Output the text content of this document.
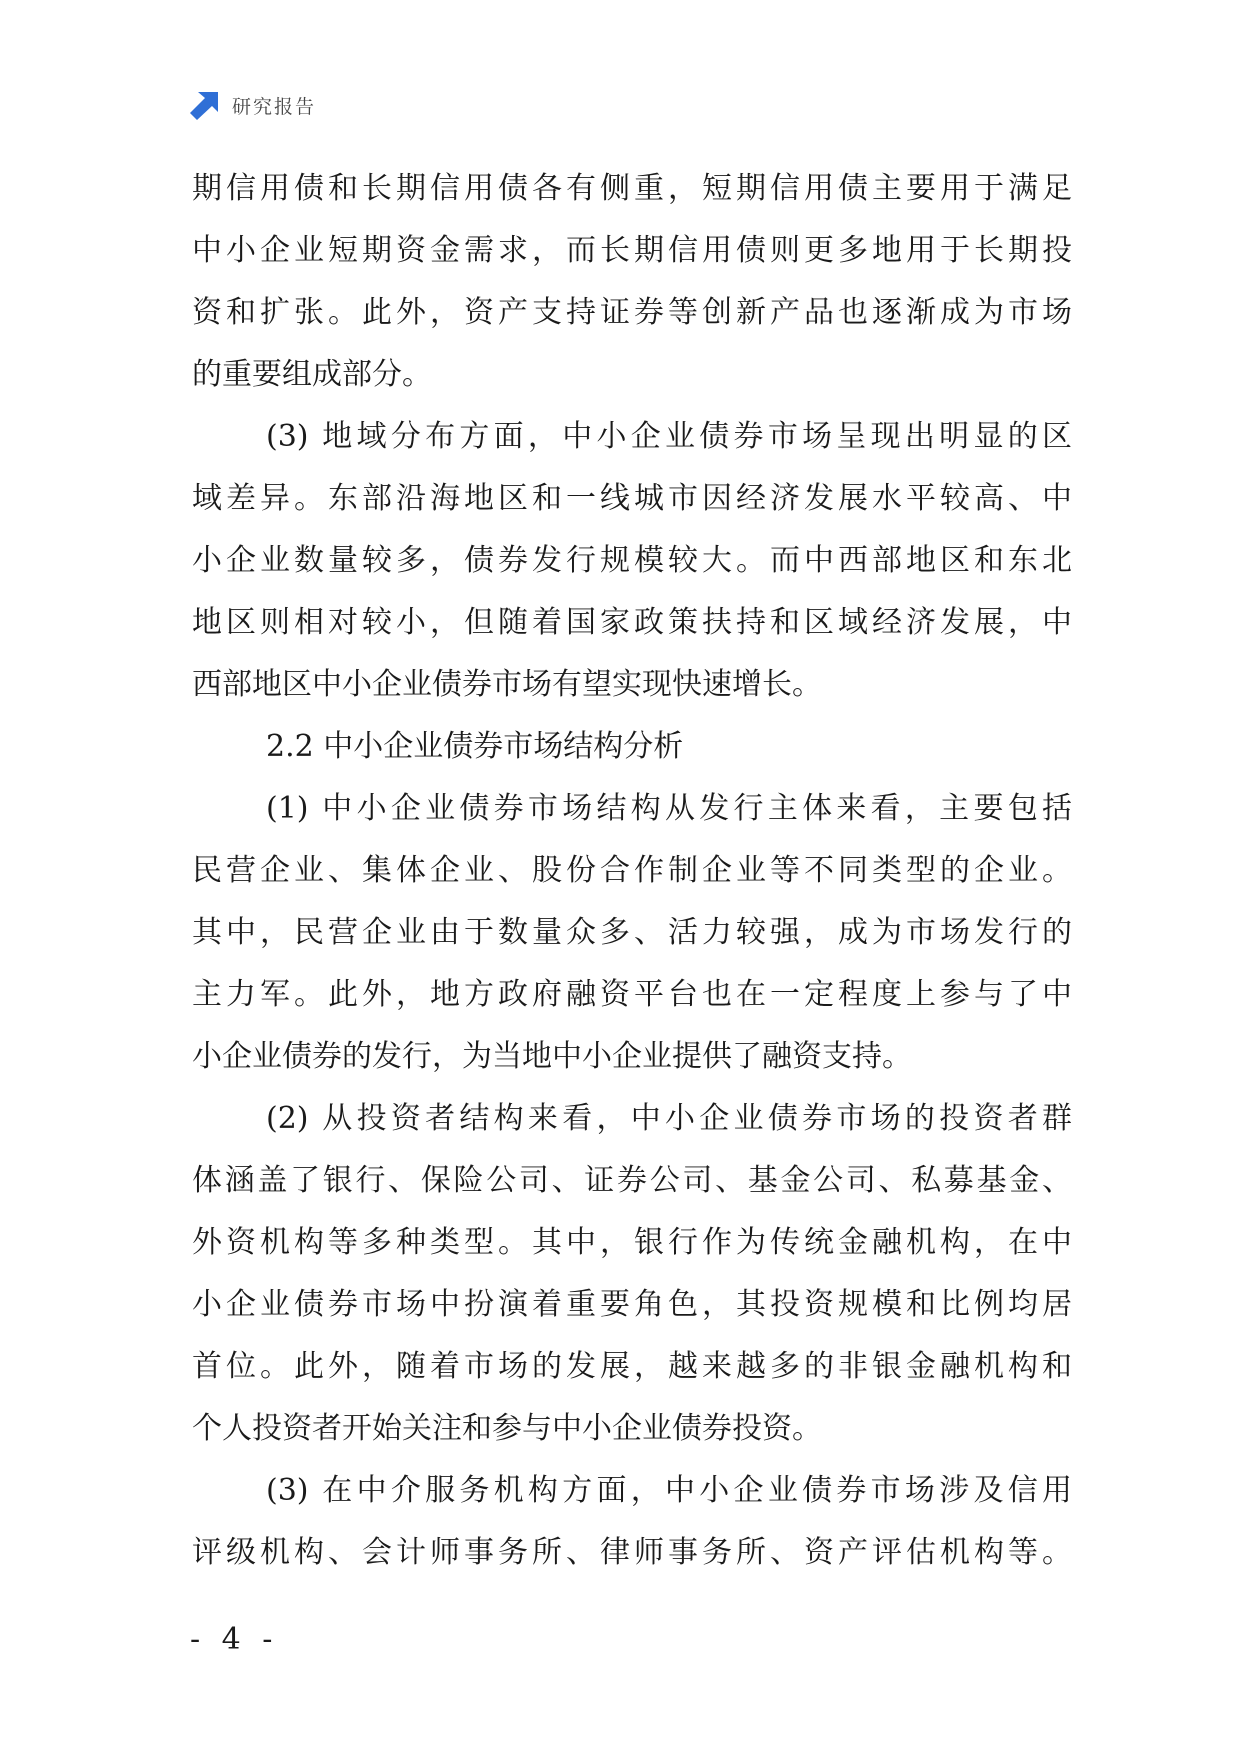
研究报告
期信用债和长期信用债各有侧重，短期信用债主要用于满足
中小企业短期资金需求，而长期信用债则更多地用于长期投
资和扩张。此外，资产支持证券等创新产品也逐渐成为市场
的重要组成部分。
(3) 地域分布方面，中小企业债券市场呈现出明显的区
域差异。东部沿海地区和一线城市因经济发展水平较高、中
小企业数量较多，债券发行规模较大。而中西部地区和东北
地区则相对较小，但随着国家政策扶持和区域经济发展，中
西部地区中小企业债券市场有望实现快速增长。
2.2 中小企业债券市场结构分析
(1) 中小企业债券市场结构从发行主体来看，主要包括
民营企业、集体企业、股份合作制企业等不同类型的企业。
其中，民营企业由于数量众多、活力较强，成为市场发行的
主力军。此外，地方政府融资平台也在一定程度上参与了中
小企业债券的发行，为当地中小企业提供了融资支持。
(2) 从投资者结构来看，中小企业债券市场的投资者群
体涵盖了银行、保险公司、证券公司、基金公司、私募基金、
外资机构等多种类型。其中，银行作为传统金融机构，在中
小企业债券市场中扮演着重要角色，其投资规模和比例均居
首位。此外，随着市场的发展，越来越多的非银金融机构和
个人投资者开始关注和参与中小企业债券投资。
(3) 在中介服务机构方面，中小企业债券市场涉及信用
评级机构、会计师事务所、律师事务所、资产评估机构等。
- 4 -
